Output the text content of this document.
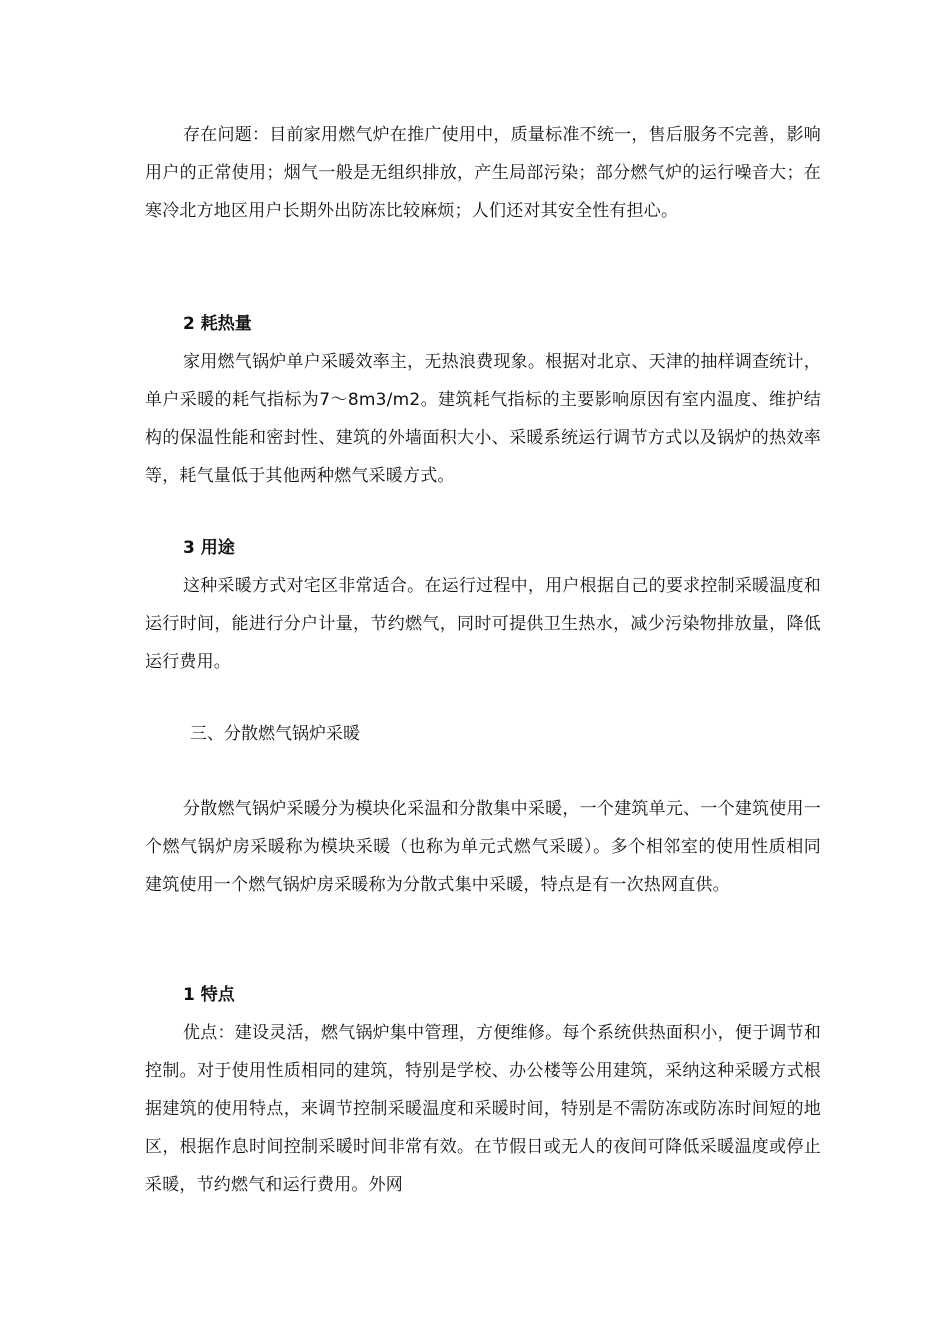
存在问题：目前家用燃气炉在推广使用中，质量标准不统一，售后服务不完善，影响用户的正常使用；烟气一般是无组织排放，产生局部污染；部分燃气炉的运行噪音大；在寒冷北方地区用户长期外出防冻比较麻烦；人们还对其安全性有担心。

2 耗热量

家用燃气锅炉单户采暖效率主，无热浪费现象。根据对北京、天津的抽样调查统计，单户采暖的耗气指标为7～8m3/m2。建筑耗气指标的主要影响原因有室内温度、维护结构的保温性能和密封性、建筑的外墙面积大小、采暖系统运行调节方式以及锅炉的热效率等，耗气量低于其他两种燃气采暖方式。

3 用途

这种采暖方式对宅区非常适合。在运行过程中，用户根据自己的要求控制采暖温度和运行时间，能进行分户计量，节约燃气，同时可提供卫生热水，减少污染物排放量，降低运行费用。

三、分散燃气锅炉采暖

分散燃气锅炉采暖分为模块化采温和分散集中采暖，一个建筑单元、一个建筑使用一个燃气锅炉房采暖称为模块采暖（也称为单元式燃气采暖）。多个相邻室的使用性质相同建筑使用一个燃气锅炉房采暖称为分散式集中采暖，特点是有一次热网直供。

1 特点

优点：建设灵活，燃气锅炉集中管理，方便维修。每个系统供热面积小，便于调节和控制。对于使用性质相同的建筑，特别是学校、办公楼等公用建筑，采纳这种采暖方式根据建筑的使用特点，来调节控制采暖温度和采暖时间，特别是不需防冻或防冻时间短的地区，根据作息时间控制采暖时间非常有效。在节假日或无人的夜间可降低采暖温度或停止采暖，节约燃气和运行费用。外网
